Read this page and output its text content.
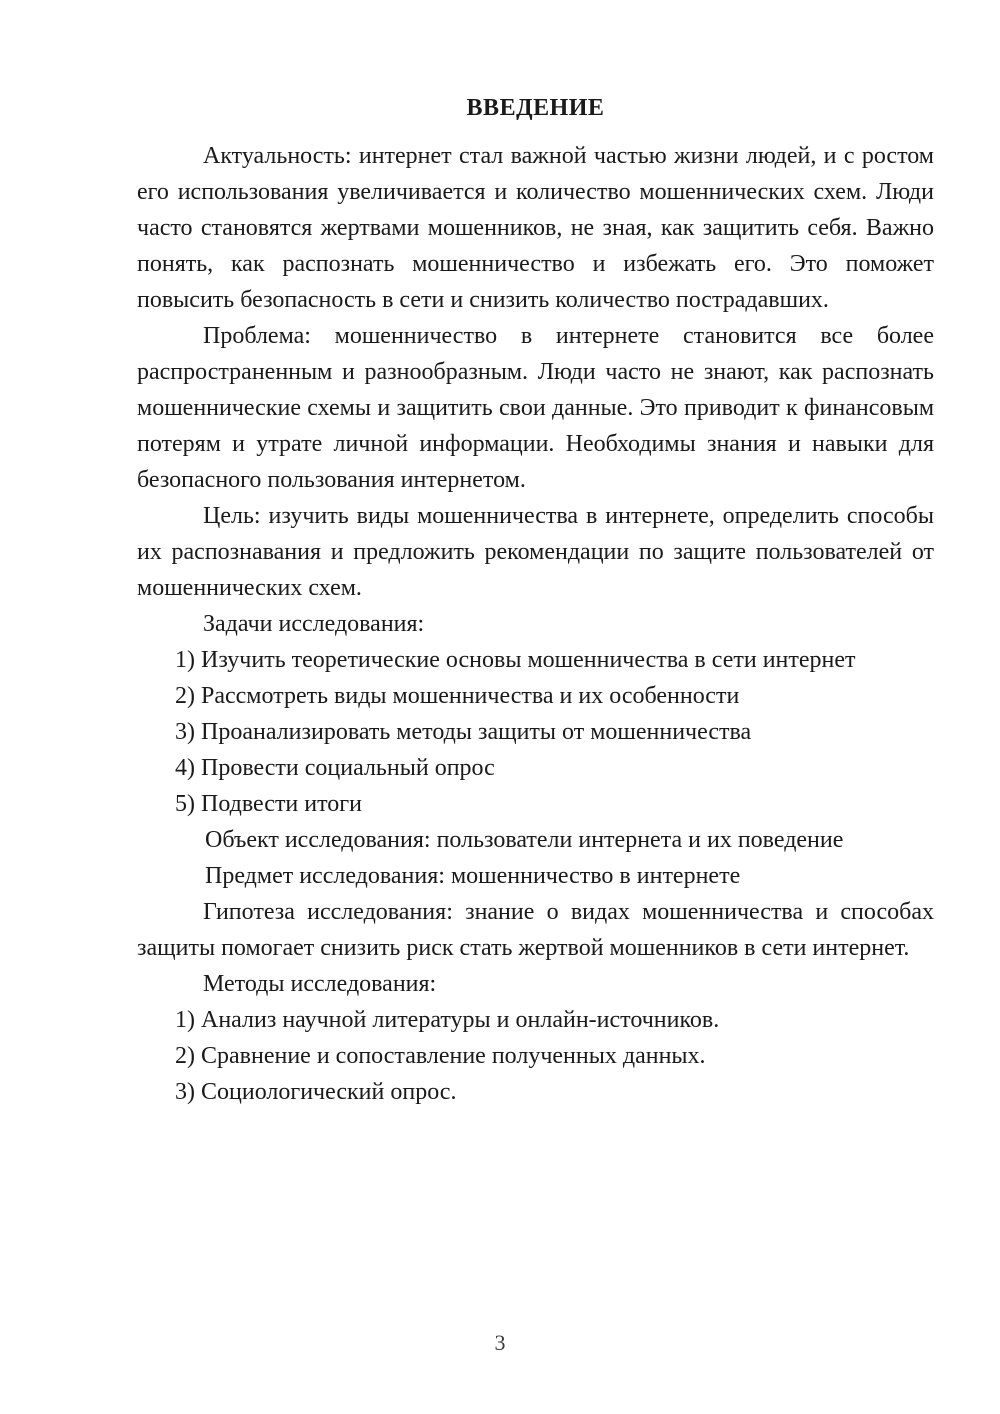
ВВЕДЕНИЕ

Актуальность: интернет стал важной частью жизни людей, и с ростом его использования увеличивается и количество мошеннических схем. Люди часто становятся жертвами мошенников, не зная, как защитить себя. Важно понять, как распознать мошенничество и избежать его. Это поможет повысить безопасность в сети и снизить количество пострадавших.

Проблема: мошенничество в интернете становится все более распространенным и разнообразным. Люди часто не знают, как распознать мошеннические схемы и защитить свои данные. Это приводит к финансовым потерям и утрате личной информации. Необходимы знания и навыки для безопасного пользования интернетом.

Цель: изучить виды мошенничества в интернете, определить способы их распознавания и предложить рекомендации по защите пользователей от мошеннических схем.

Задачи исследования:

1) Изучить теоретические основы мошенничества в сети интернет

2) Рассмотреть виды мошенничества и их особенности

3) Проанализировать методы защиты от мошенничества

4) Провести социальный опрос

5) Подвести итоги

Объект исследования: пользователи интернета и их поведение

Предмет исследования: мошенничество в интернете

Гипотеза исследования: знание о видах мошенничества и способах защиты помогает снизить риск стать жертвой мошенников в сети интернет.

Методы исследования:

1) Анализ научной литературы и онлайн-источников.

2) Сравнение и сопоставление полученных данных.

3) Социологический опрос.

3
